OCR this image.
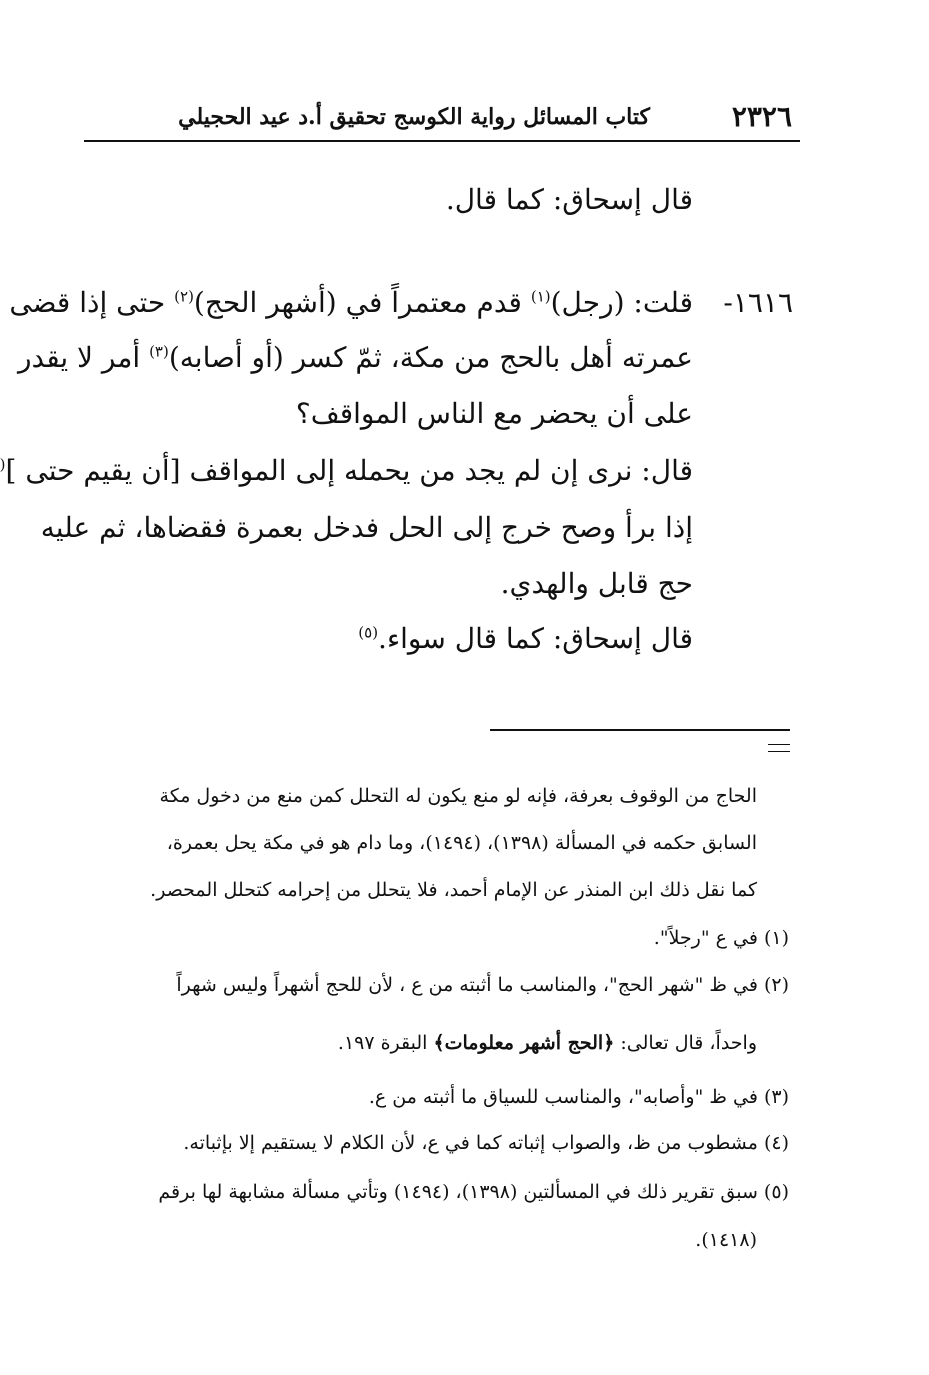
٢٣٢٦
كتاب المسائل رواية الكوسج تحقيق أ.د عيد الحجيلي
قال إسحاق: كما قال.
١٦١٦-
قلت: (رجل)$^{(١)}$ قدم معتمراً في (أشهر الحج)$^{(٢)}$ حتى إذا قضى
عمرته أهل بالحج من مكة، ثمّ كسر (أو أصابه)$^{(٣)}$ أمر لا يقدر
على أن يحضر مع الناس المواقف؟
قال: نرى إن لم يجد من يحمله إلى المواقف [أن يقيم حتى ](
إذا برأ وصح خرج إلى الحل فدخل بعمرة فقضاها، ثم عليه
حج قابل والهدي.
قال إسحاق: كما قال سواء.$^{(٥)}$
الحاج من الوقوف بعرفة، فإنه لو منع يكون له التحلل كمن منع من دخول مكة
السابق حكمه في المسألة (١٣٩٨)، (١٤٩٤)، وما دام هو في مكة يحل بعمرة،
كما نقل ذلك ابن المنذر عن الإمام أحمد، فلا يتحلل من إحرامه كتحلل المحصر.
(١) في ع "رجلاً".
(٢) في ظ "شهر الحج"، والمناسب ما أثبته من ع ، لأن للحج أشهراً وليس شهراً
واحداً، قال تعالى: ﴿الحج أشهر معلومات﴾ البقرة ١٩٧.
(٣) في ظ "وأصابه"، والمناسب للسياق ما أثبته من ع.
(٤) مشطوب من ظ، والصواب إثباته كما في ع، لأن الكلام لا يستقيم إلا بإثباته.
(٥) سبق تقرير ذلك في المسألتين (١٣٩٨)، (١٤٩٤) وتأتي مسألة مشابهة لها برقم
(١٤١٨).
